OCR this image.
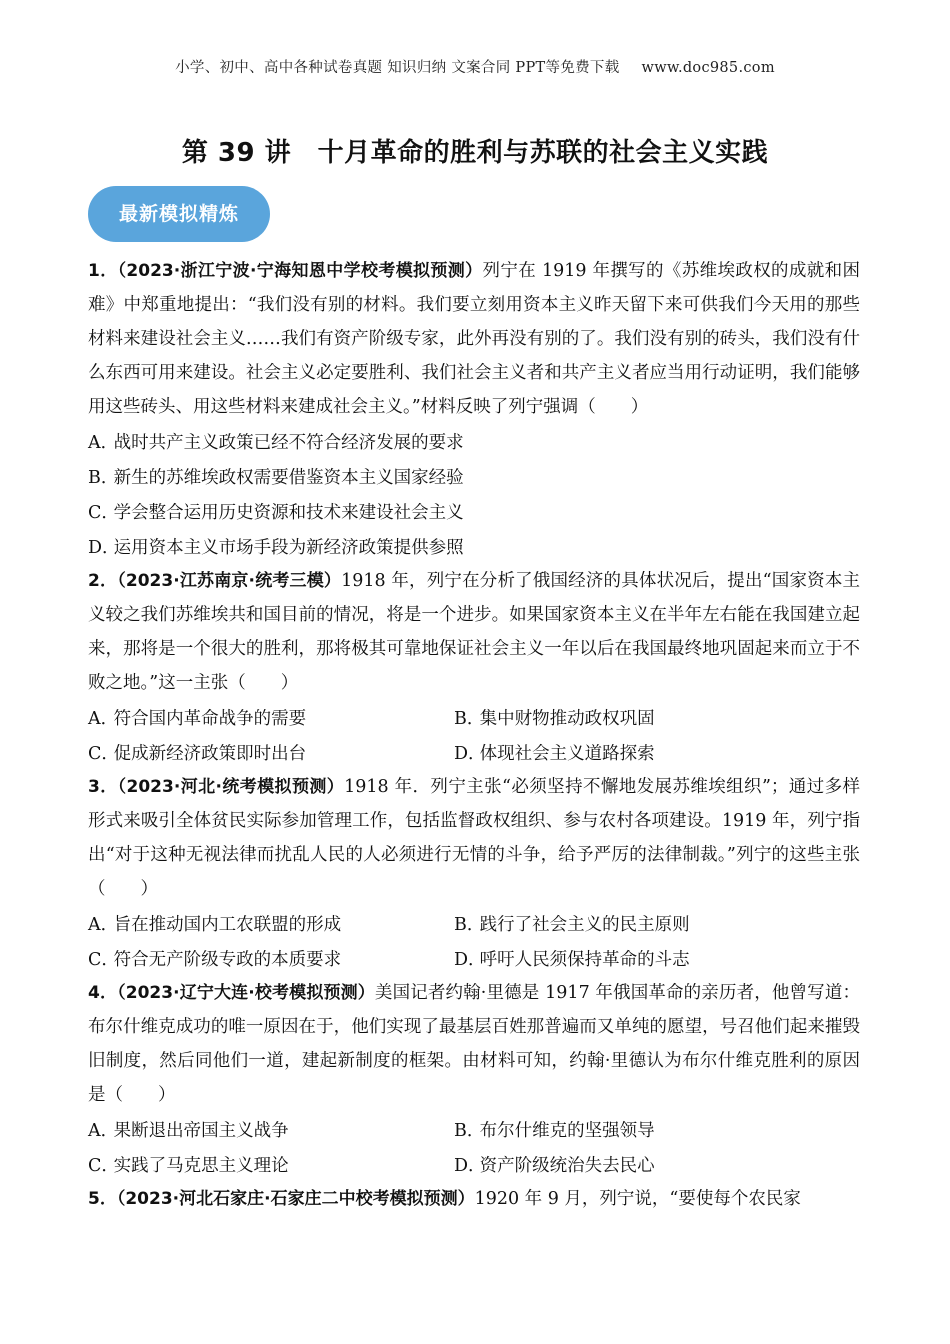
小学、初中、高中各种试卷真题 知识归纳 文案合同 PPT等免费下载 www.doc985.com
第 39 讲　十月革命的胜利与苏联的社会主义实践
最新模拟精炼

1．（2023·浙江宁波·宁海知恩中学校考模拟预测）列宁在 1919 年撰写的《苏维埃政权的成就和困难》中郑重地提出：“我们没有别的材料。我们要立刻用资本主义昨天留下来可供我们今天用的那些材料来建设社会主义……我们有资产阶级专家，此外再没有别的了。我们没有别的砖头，我们没有什么东西可用来建设。社会主义必定要胜利、我们社会主义者和共产主义者应当用行动证明，我们能够用这些砖头、用这些材料来建成社会主义。”材料反映了列宁强调（　　）

A． 战时共产主义政策已经不符合经济发展的要求
B． 新生的苏维埃政权需要借鉴资本主义国家经验
C． 学会整合运用历史资源和技术来建设社会主义
D． 运用资本主义市场手段为新经济政策提供参照

2．（2023·江苏南京·统考三模）1918 年，列宁在分析了俄国经济的具体状况后，提出“国家资本主义较之我们苏维埃共和国目前的情况，将是一个进步。如果国家资本主义在半年左右能在我国建立起来，那将是一个很大的胜利，那将极其可靠地保证社会主义一年以后在我国最终地巩固起来而立于不败之地。”这一主张（　　）

A． 符合国内革命战争的需要	B． 集中财物推动政权巩固
C． 促成新经济政策即时出台	D． 体现社会主义道路探索

3．（2023·河北·统考模拟预测）1918 年．列宁主张“必须坚持不懈地发展苏维埃组织”；通过多样形式来吸引全体贫民实际参加管理工作，包括监督政权组织、参与农村各项建设。1919 年，列宁指出“对于这种无视法律而扰乱人民的人必须进行无情的斗争，给予严厉的法律制裁。”列宁的这些主张（　　）

A． 旨在推动国内工农联盟的形成	B． 践行了社会主义的民主原则
C． 符合无产阶级专政的本质要求	D． 呼吁人民须保持革命的斗志

4．（2023·辽宁大连·校考模拟预测）美国记者约翰·里德是 1917 年俄国革命的亲历者，他曾写道：布尔什维克成功的唯一原因在于，他们实现了最基层百姓那普遍而又单纯的愿望，号召他们起来摧毁旧制度，然后同他们一道，建起新制度的框架。由材料可知，约翰·里德认为布尔什维克胜利的原因是（　　）

A． 果断退出帝国主义战争	B． 布尔什维克的坚强领导
C． 实践了马克思主义理论	D． 资产阶级统治失去民心

5．（2023·河北石家庄·石家庄二中校考模拟预测）1920 年 9 月，列宁说，“要使每个农民家
